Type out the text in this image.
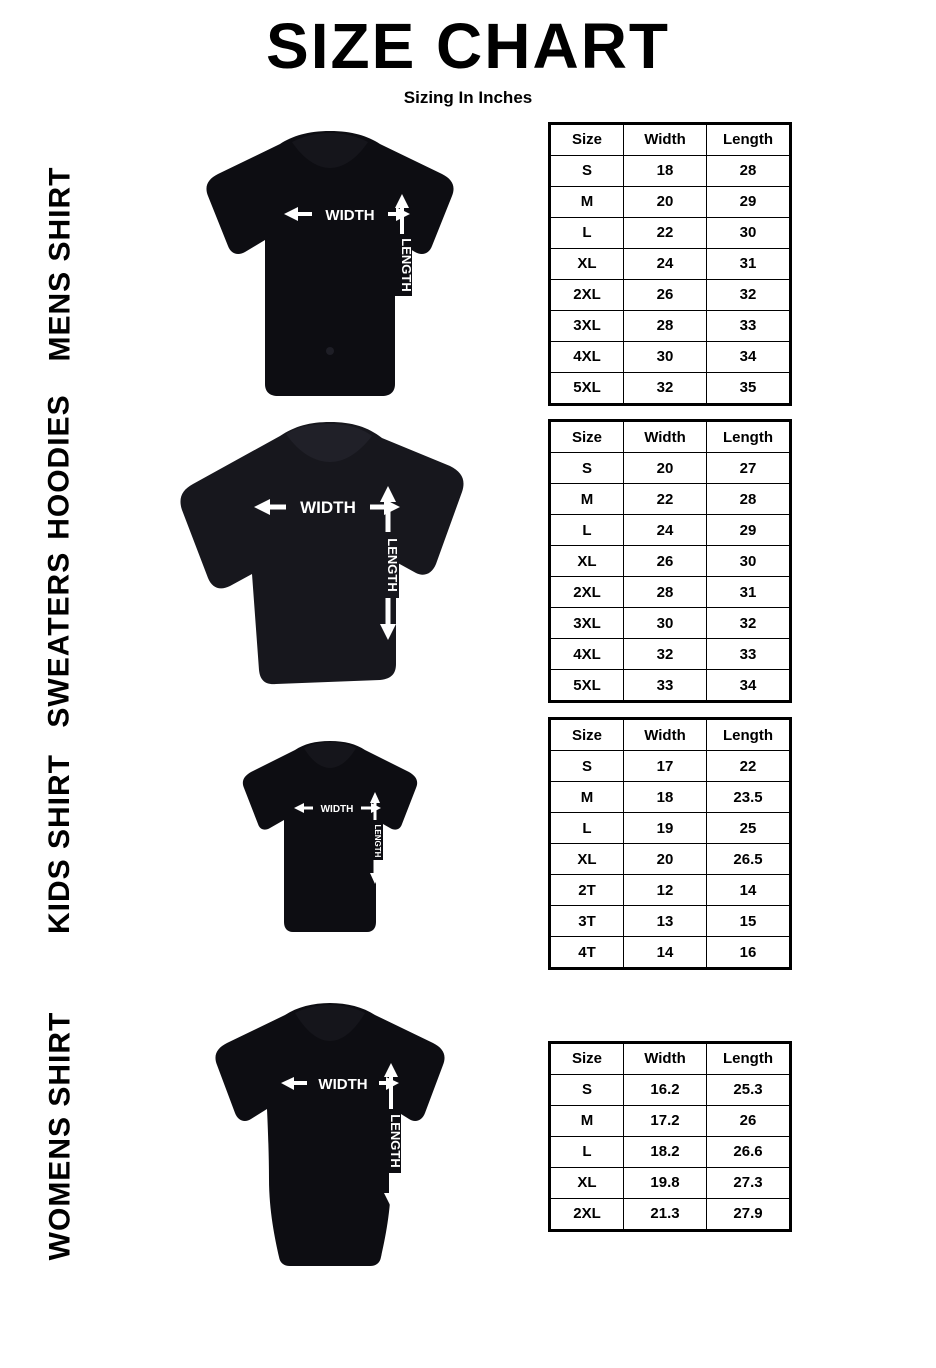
SIZE CHART
Sizing In Inches
MENS SHIRT	WIDTH
LENGTH
Size	Width	Length
S	18	28
M	20	29
L	22	30
XL	24	31
2XL	26	32
3XL	28	33
4XL	30	34
5XL	32	35
SWEATERS
HOODIES	WIDTH
LENGTH
Size	Width	Length
S	20	27
M	22	28
L	24	29
XL	26	30
2XL	28	31
3XL	30	32
4XL	32	33
5XL	33	34
KIDS SHIRT	WIDTH
LENGTH
Size	Width	Length
S	17	22
M	18	23.5
L	19	25
XL	20	26.5
2T	12	14
3T	13	15
4T	14	16
WOMENS SHIRT	WIDTH
LENGTH
Size	Width	Length
S	16.2	25.3
M	17.2	26
L	18.2	26.6
XL	19.8	27.3
2XL	21.3	27.9
